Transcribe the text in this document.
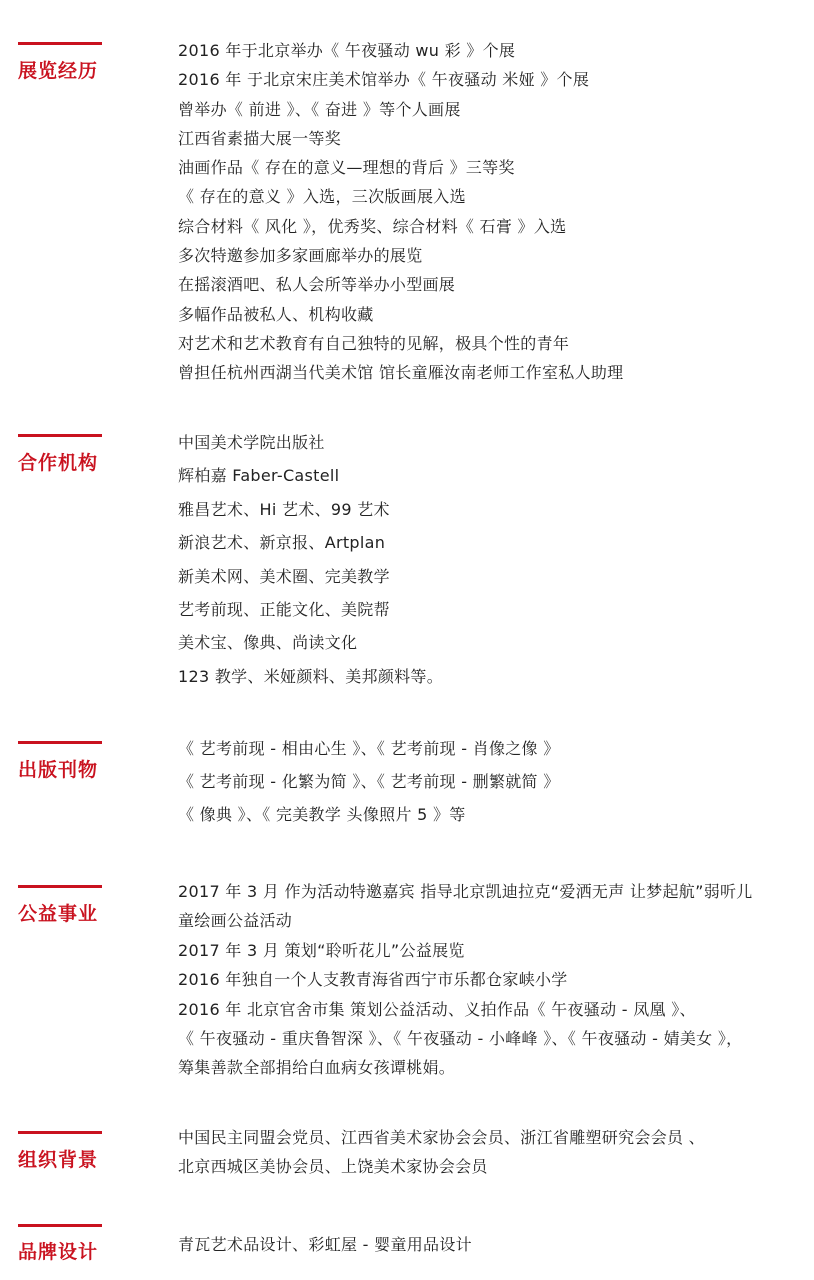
展览经历
2016 年于北京举办《 午夜骚动 wu 彩 》个展
2016 年 于北京宋庄美术馆举办《 午夜骚动 米娅 》个展
曾举办《 前进 》、《 奋进 》等个人画展
江西省素描大展一等奖
油画作品《 存在的意义—理想的背后 》三等奖
《 存在的意义 》入选，三次版画展入选
综合材料《 风化 》，优秀奖、综合材料《 石膏 》入选
多次特邀参加多家画廊举办的展览
在摇滚酒吧、私人会所等举办小型画展
多幅作品被私人、机构收藏
对艺术和艺术教育有自己独特的见解，极具个性的青年
曾担任杭州西湖当代美术馆 馆长童雁汝南老师工作室私人助理
合作机构
中国美术学院出版社
辉柏嘉 Faber-Castell
雅昌艺术、Hi 艺术、99 艺术
新浪艺术、新京报、Artplan
新美术网、美术圈、完美教学
艺考前现、正能文化、美院帮
美术宝、像典、尚读文化
123 教学、米娅颜料、美邦颜料等。
出版刊物
《 艺考前现 - 相由心生 》、《 艺考前现 - 肖像之像 》
《 艺考前现 - 化繁为简 》、《 艺考前现 - 删繁就简 》
《 像典 》、《 完美教学 头像照片 5 》等
公益事业
2017 年 3 月 作为活动特邀嘉宾 指导北京凯迪拉克“爱洒无声 让梦起航”弱听儿
童绘画公益活动
2017 年 3 月 策划“聆听花儿”公益展览
2016 年独自一个人支教青海省西宁市乐都仓家峡小学
2016 年 北京官舍市集 策划公益活动、义拍作品《 午夜骚动 - 凤凰 》、
《 午夜骚动 - 重庆鲁智深 》、《 午夜骚动 - 小峰峰 》、《 午夜骚动 - 婧美女 》，
筹集善款全部捐给白血病女孩谭桃娟。
组织背景
中国民主同盟会党员、江西省美术家协会会员、浙江省雕塑研究会会员 、
北京西城区美协会员、上饶美术家协会会员
品牌设计	青瓦艺术品设计、彩虹屋 - 婴童用品设计
